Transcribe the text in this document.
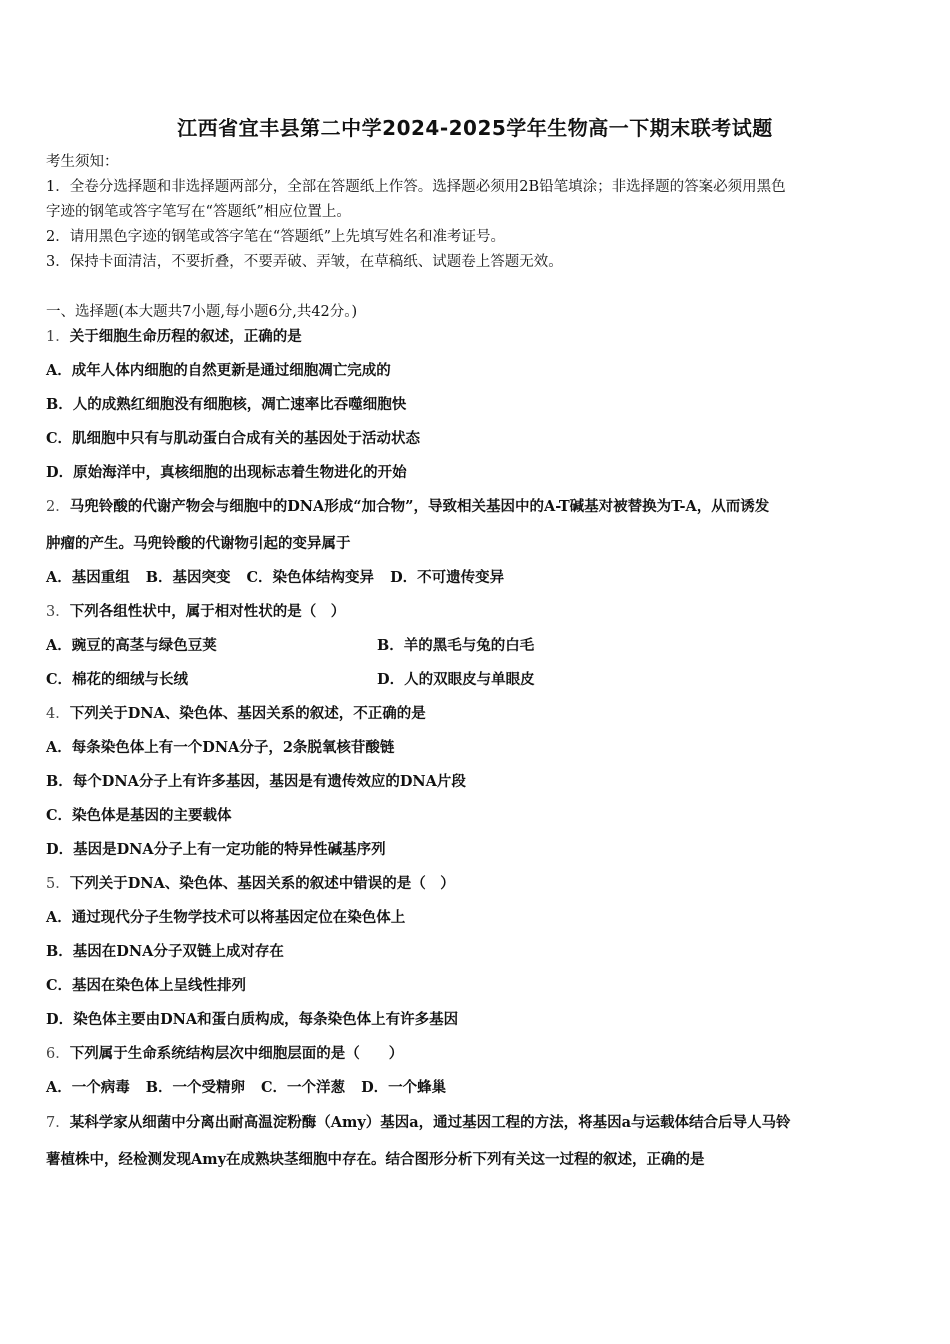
江西省宜丰县第二中学2024-2025学年生物高一下期末联考试题
考生须知：
1．全卷分选择题和非选择题两部分，全部在答题纸上作答。选择题必须用2B铅笔填涂；非选择题的答案必须用黑色
字迹的钢笔或答字笔写在“答题纸”相应位置上。
2．请用黑色字迹的钢笔或答字笔在“答题纸”上先填写姓名和准考证号。
3．保持卡面清洁，不要折叠，不要弄破、弄皱，在草稿纸、试题卷上答题无效。
一、选择题(本大题共7小题,每小题6分,共42分。)
1．关于细胞生命历程的叙述，正确的是
A．成年人体内细胞的自然更新是通过细胞凋亡完成的
B．人的成熟红细胞没有细胞核，凋亡速率比吞噬细胞快
C．肌细胞中只有与肌动蛋白合成有关的基因处于活动状态
D．原始海洋中，真核细胞的出现标志着生物进化的开始
2．马兜铃酸的代谢产物会与细胞中的DNA形成“加合物”，导致相关基因中的A-T碱基对被替换为T-A，从而诱发
肿瘤的产生。马兜铃酸的代谢物引起的变异属于
A．基因重组 B．基因突变 C．染色体结构变异 D．不可遗传变异
3．下列各组性状中，属于相对性状的是（　）
A．豌豆的高茎与绿色豆荚	B．羊的黑毛与兔的白毛
C．棉花的细绒与长绒	D．人的双眼皮与单眼皮
4．下列关于DNA、染色体、基因关系的叙述，不正确的是
A．每条染色体上有一个DNA分子，2条脱氧核苷酸链
B．每个DNA分子上有许多基因，基因是有遗传效应的DNA片段
C．染色体是基因的主要载体
D．基因是DNA分子上有一定功能的特异性碱基序列
5．下列关于DNA、染色体、基因关系的叙述中错误的是（　）
A．通过现代分子生物学技术可以将基因定位在染色体上
B．基因在DNA分子双链上成对存在
C．基因在染色体上呈线性排列
D．染色体主要由DNA和蛋白质构成，每条染色体上有许多基因
6．下列属于生命系统结构层次中细胞层面的是（　　）
A．一个病毒 B．一个受精卵 C．一个洋葱 D．一个蜂巢
7．某科学家从细菌中分离出耐高温淀粉酶（Amy）基因a，通过基因工程的方法，将基因a与运载体结合后导人马铃
薯植株中，经检测发现Amy在成熟块茎细胞中存在。结合图形分析下列有关这一过程的叙述，正确的是
